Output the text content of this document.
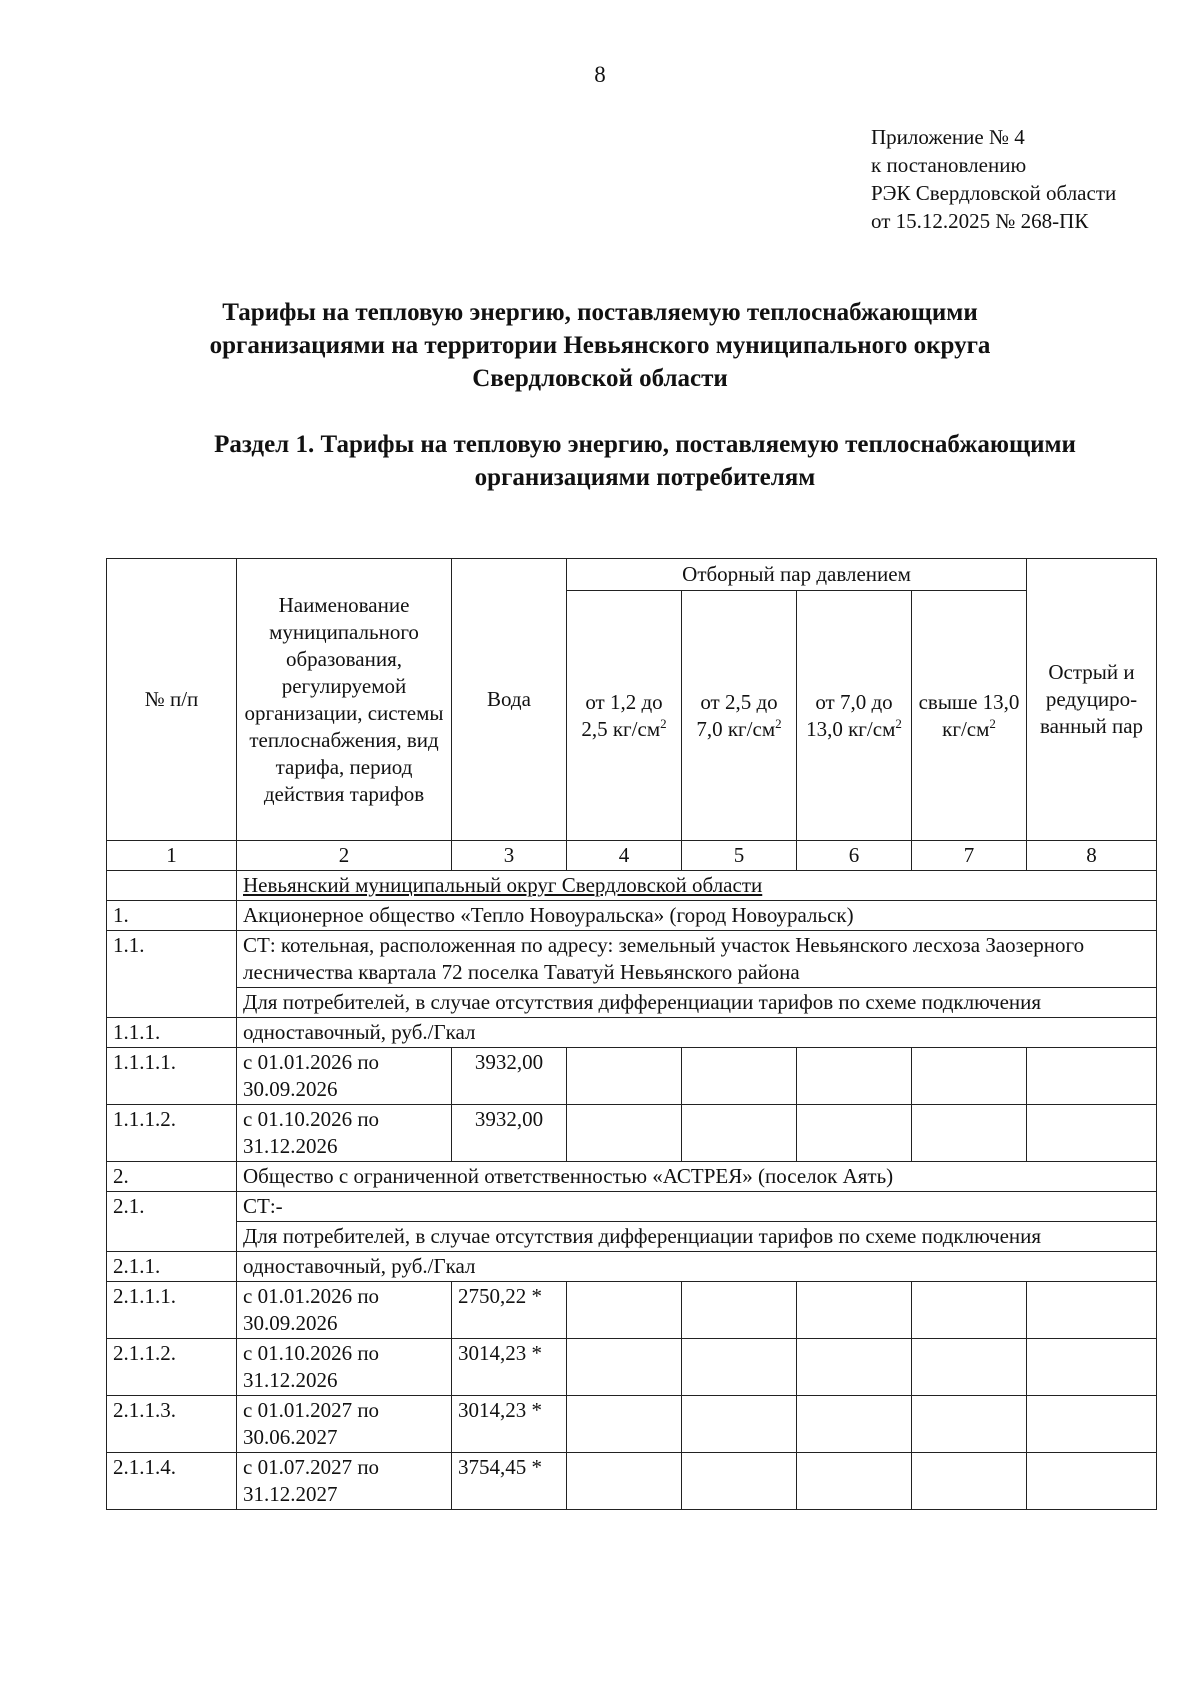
8
Приложение № 4
к постановлению
РЭК Свердловской области
от 15.12.2025 № 268-ПК
Тарифы на тепловую энергию, поставляемую теплоснабжающими
организациями на территории Невьянского муниципального округа
Свердловской области
Раздел 1. Тарифы на тепловую энергию, поставляемую теплоснабжающими
организациями потребителям
№ п/п	Наименование муниципального образования, регулируемой организации, системы теплоснабжения, вид тарифа, период действия тарифов	Вода	Отборный пар давлением				Острый и редуциро-ванный пар
			от 1,2 до 2,5 $кг/см^2$	от 2,5 до 7,0 $кг/см^2$	от 7,0 до 13,0 $кг/см^2$	свыше 13,0 $кг/см^2$
1	2	3	4	5	6	7	8
	Невьянский муниципальный округ Свердловской области						
1.	Акционерное общество «Тепло Новоуральска» (город Новоуральск)						
1.1.	СТ: котельная, расположенная по адресу: земельный участок Невьянского лесхоза Заозерного лесничества квартала 72 поселка Таватуй Невьянского района						
	Для потребителей, в случае отсутствия дифференциации тарифов по схеме подключения						
1.1.1.	одноставочный, руб./Гкал						
1.1.1.1.	с 01.01.2026 по 30.09.2026	3932,00					
1.1.1.2.	с 01.10.2026 по 31.12.2026	3932,00					
2.	Общество с ограниченной ответственностью «АСТРЕЯ» (поселок Аять)						
2.1.	СТ:-						
	Для потребителей, в случае отсутствия дифференциации тарифов по схеме подключения						
2.1.1.	одноставочный, руб./Гкал						
2.1.1.1.	с 01.01.2026 по 30.09.2026	2750,22 *					
2.1.1.2.	с 01.10.2026 по 31.12.2026	3014,23 *					
2.1.1.3.	с 01.01.2027 по 30.06.2027	3014,23 *					
2.1.1.4.	с 01.07.2027 по 31.12.2027	3754,45 *					
